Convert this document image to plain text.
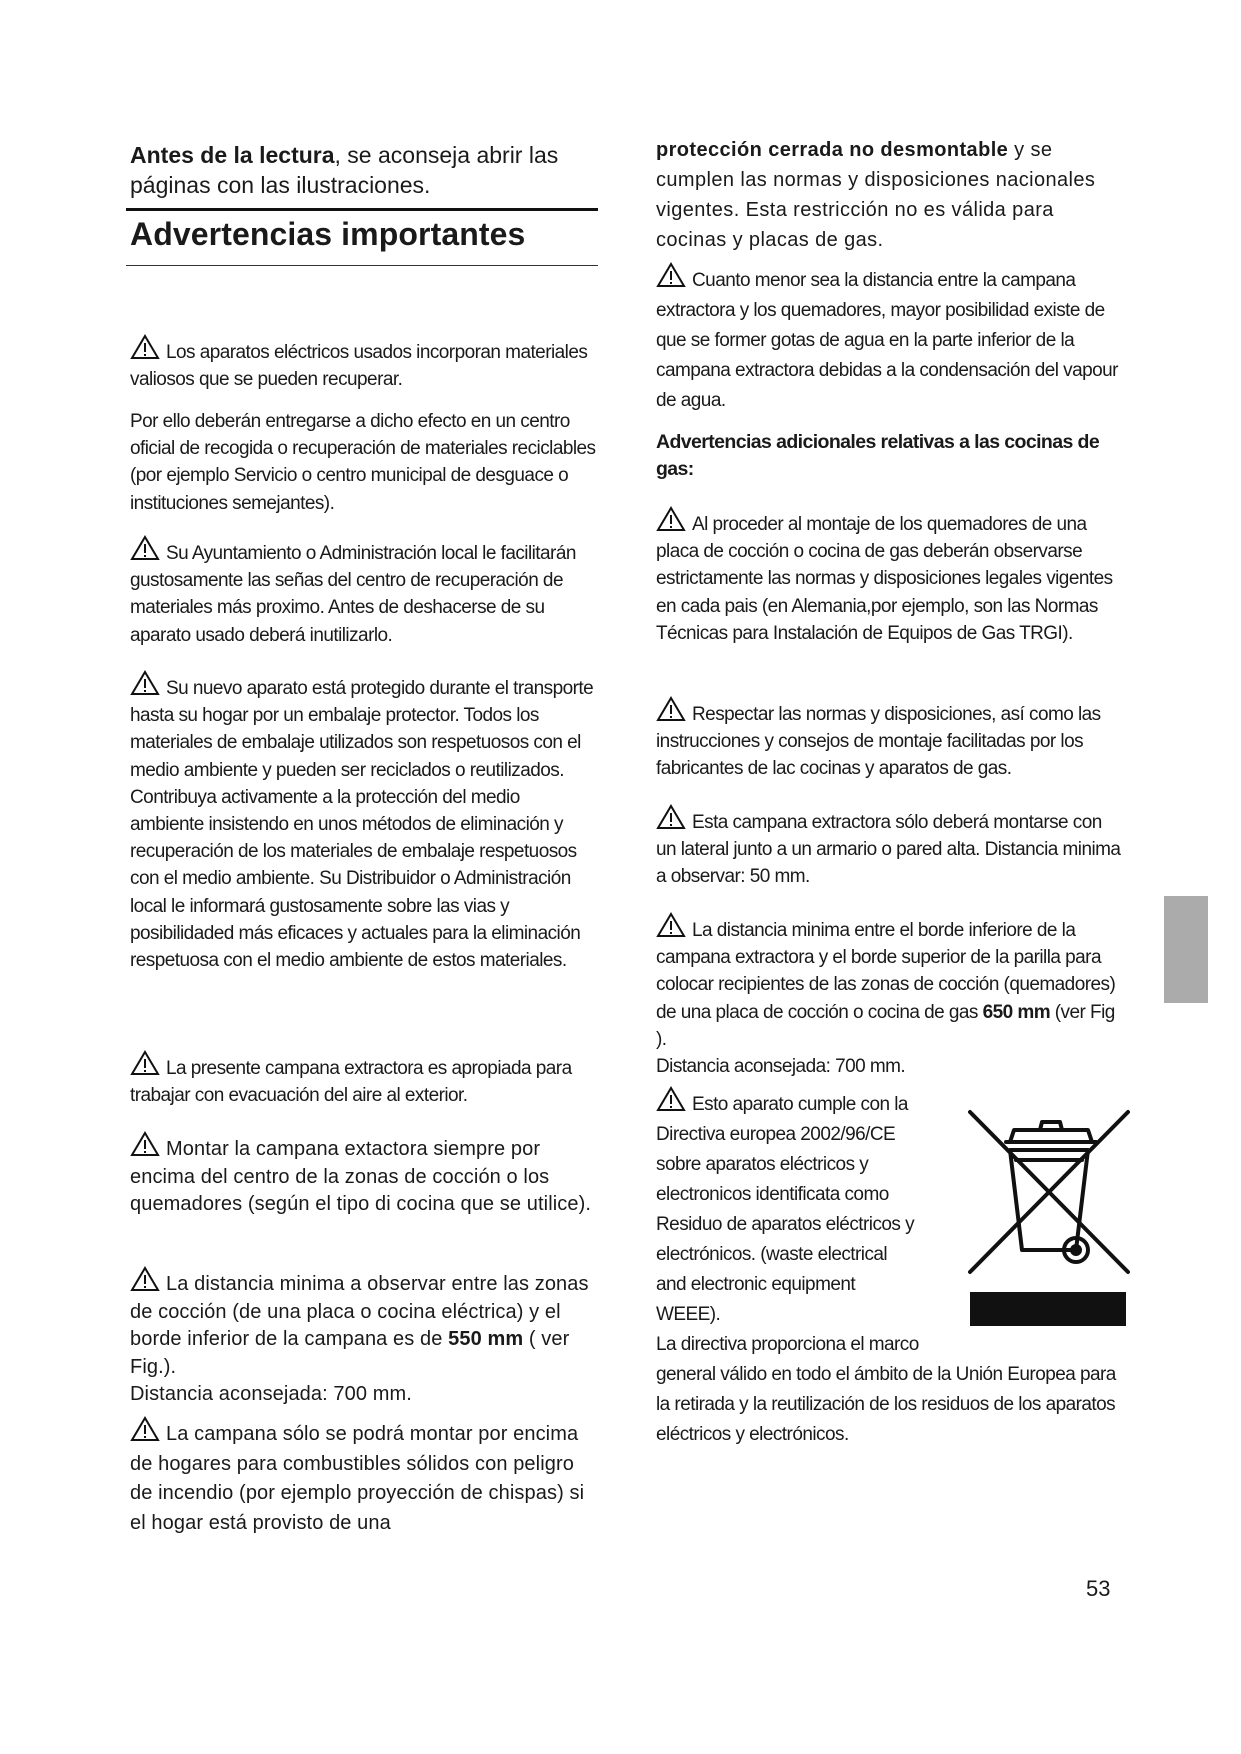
Antes de la lectura, se aconseja abrir las páginas con las ilustraciones.

Advertencias importantes

Los aparatos eléctricos usados incorporan materiales valiosos que se pueden recuperar.

Por ello deberán entregarse a dicho efecto en un centro oficial de recogida o recuperación de materiales reciclables (por ejemplo Servicio o centro municipal de desguace o instituciones semejantes).

Su Ayuntamiento o Administración local le facilitarán gustosamente las señas del centro de recuperación de materiales más proximo. Antes de deshacerse de su aparato usado deberá inutilizarlo.

Su nuevo aparato está protegido durante el transporte hasta su hogar por un embalaje protector. Todos los materiales de embalaje utilizados son respetuosos con el medio ambiente y pueden ser reciclados o reutilizados. Contribuya activamente a la protección del medio ambiente insistendo en unos métodos de eliminación y recuperación de los materiales de embalaje respetuosos con el medio ambiente. Su Distribuidor o Administración local le informará gustosamente sobre las vias y posibilidaded más eficaces y actuales para la eliminación respetuosa con el medio ambiente de estos materiales.

La presente campana extractora es apropiada para trabajar con evacuación del aire al exterior.

Montar la campana extactora siempre por encima del centro de la zonas de cocción o los quemadores (según el tipo di cocina que se utilice).

La distancia minima a observar entre las zonas de cocción (de una placa o cocina eléctrica) y el borde inferior de la campana es de 550 mm ( ver Fig.).
Distancia aconsejada: 700 mm.

La campana sólo se podrá montar por encima de hogares para combustibles sólidos con peligro de incendio (por ejemplo proyección de chispas) si el hogar está provisto de una

protección cerrada no desmontable y se cumplen las normas y disposiciones nacionales vigentes. Esta restricción no es válida para cocinas y placas de gas.

Cuanto menor sea la distancia entre la campana extractora y los quemadores, mayor posibilidad existe de que se former gotas de agua en la parte inferior de la campana extractora debidas a la condensación del vapour de agua.

Advertencias adicionales relativas a las cocinas de gas:

Al proceder al montaje de los quemadores de una placa de cocción o cocina de gas deberán observarse estrictamente las normas y disposiciones legales vigentes en cada pais (en Alemania,por ejemplo, son las Normas Técnicas para Instalación de Equipos de Gas TRGI).

Respectar las normas y disposiciones, así como las instrucciones y consejos de montaje facilitadas por los fabricantes de lac cocinas y aparatos de gas.

Esta campana extractora sólo deberá montarse con un lateral junto a un armario o pared alta. Distancia minima a observar: 50 mm.

La distancia minima entre el borde inferiore de la campana extractora y el borde superior de la parilla para colocar recipientes de las zonas de cocción (quemadores) de una placa de cocción o cocina de gas 650 mm (ver Fig ).
Distancia aconsejada: 700 mm.

Esto aparato cumple con la
Directiva europea 2002/96/CE
sobre aparatos eléctricos y
electronicos identificata como
Residuo de aparatos eléctricos y
electrónicos. (waste electrical
and electronic equipment
WEEE).
La directiva proporciona el marco
general válido en todo el ámbito de la Unión Europea para la retirada y la reutilización de los residuos de los aparatos eléctricos y electrónicos.
53
